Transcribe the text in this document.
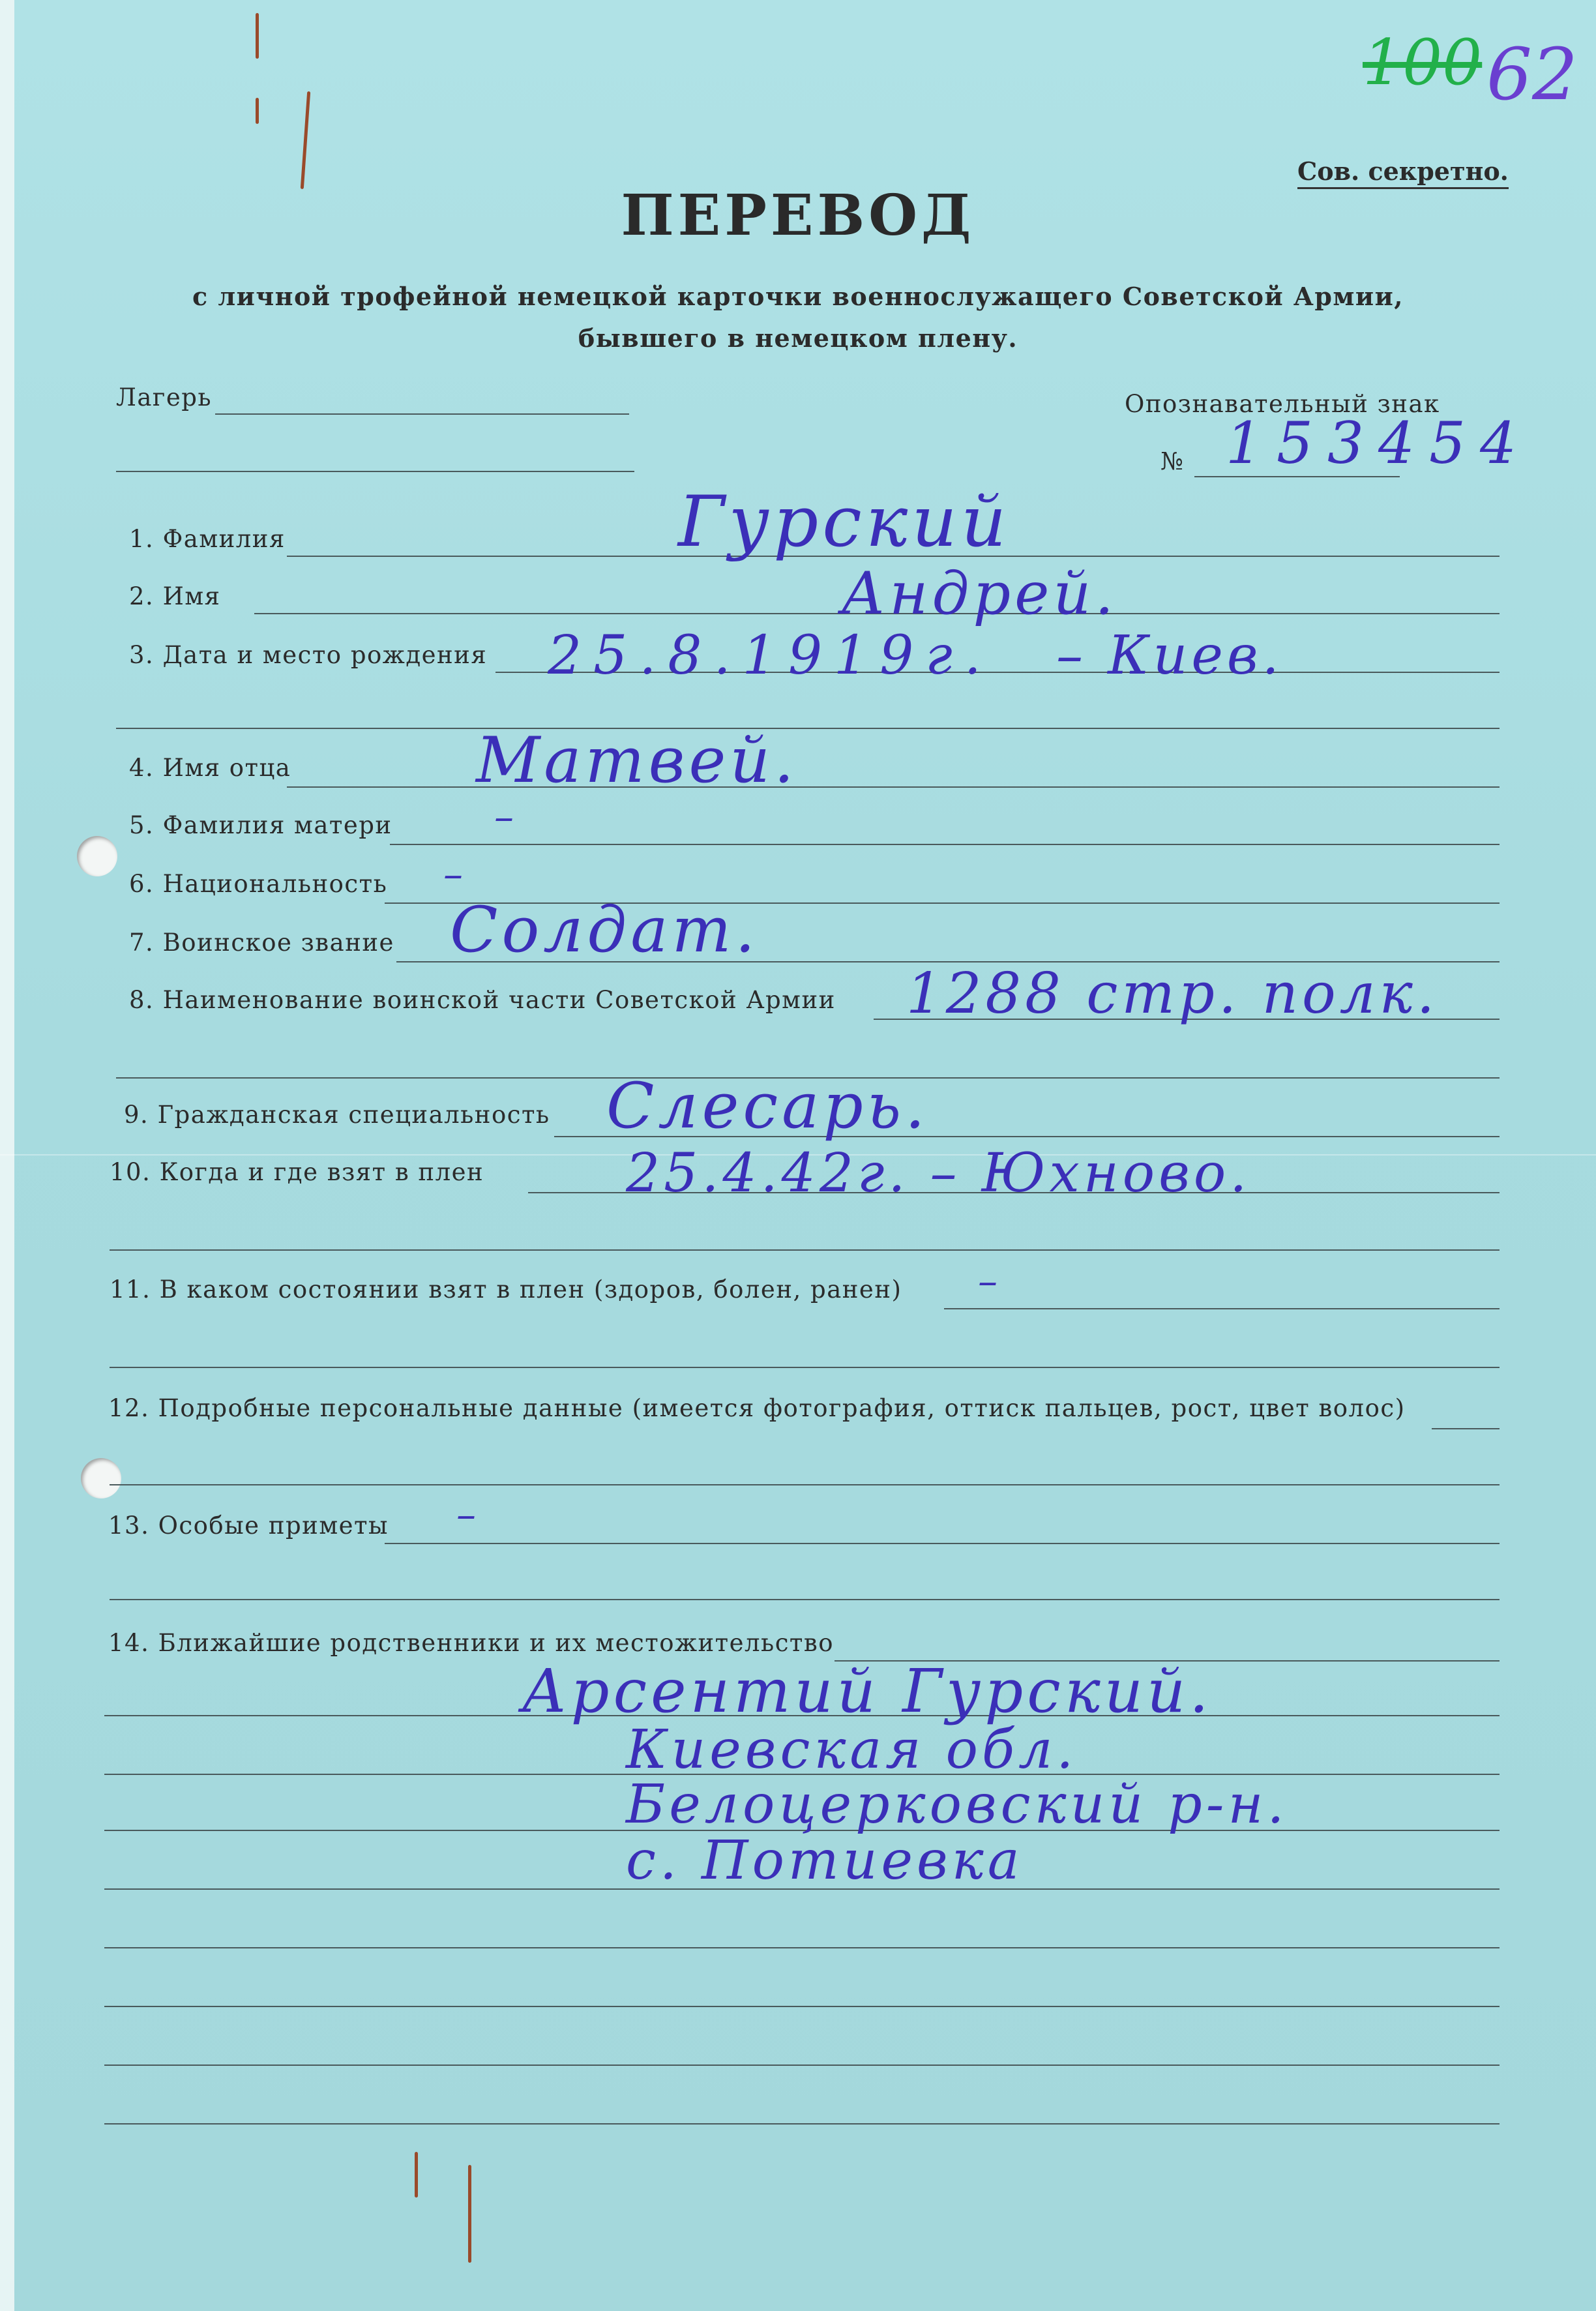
100 62
Сов. секретно.
ПЕРЕВОД
с личной трофейной немецкой карточки военнослужащего Советской Армии,
бывшего в немецком плену.
Лагерь	Опознавательный знак
№ 153454
1. Фамилия	Гурский
2. Имя	Андрей.
3. Дата и место рождения 25.8.1919г. – Киев.
4. Имя отца	Матвей.
5. Фамилия матери	–
6. Национальность –
7. Воинское звание Солдат.
8. Наименование воинской части Советской Армии 1288 стр. полк.
9. Гражданская специальность Слесарь.
10. Когда и где взят в плен	25.4.42г. – Юхново.
11. В каком состоянии взят в плен (здоров, болен, ранен) –
12. Подробные персональные данные (имеется фотография, оттиск пальцев, рост, цвет волос)
13. Особые приметы –
14. Ближайшие родственники и их местожительство
Арсентий Гурский.
Киевская обл.
Белоцерковский р-н.
с. Потиевка
